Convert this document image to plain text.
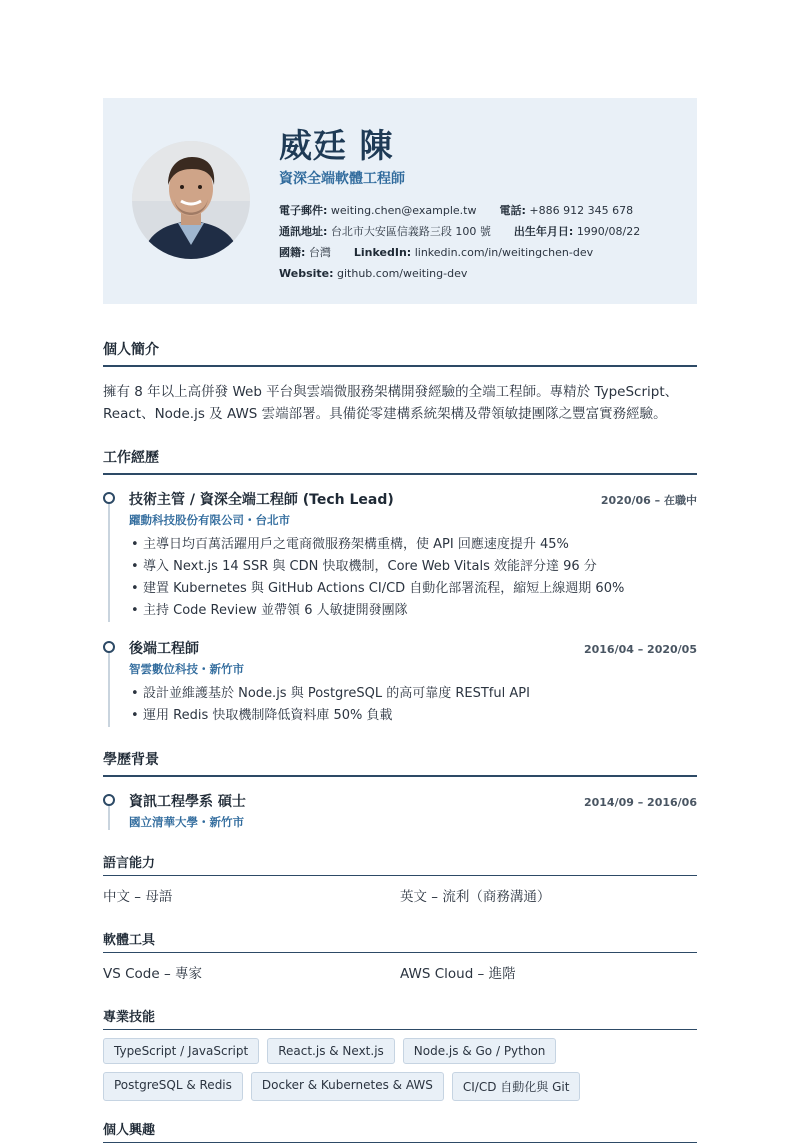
威廷 陳
資深全端軟體工程師
電子郵件: weiting.chen@example.tw 電話: +886 912 345 678
通訊地址: 台北市大安區信義路三段 100 號 出生年月日: 1990/08/22
國籍: 台灣 LinkedIn: linkedin.com/in/weitingchen-dev
Website: github.com/weiting-dev
個人簡介
擁有 8 年以上高併發 Web 平台與雲端微服務架構開發經驗的全端工程師。專精於 TypeScript、
React、Node.js 及 AWS 雲端部署。具備從零建構系統架構及帶領敏捷團隊之豐富實務經驗。
工作經歷
技術主管 / 資深全端工程師 (Tech Lead)	2020/06 – 在職中
躍動科技股份有限公司・台北市
• 主導日均百萬活躍用戶之電商微服務架構重構，使 API 回應速度提升 45%
• 導入 Next.js 14 SSR 與 CDN 快取機制，Core Web Vitals 效能評分達 96 分
• 建置 Kubernetes 與 GitHub Actions CI/CD 自動化部署流程，縮短上線週期 60%
• 主持 Code Review 並帶領 6 人敏捷開發團隊
後端工程師	2016/04 – 2020/05
智雲數位科技・新竹市
• 設計並維護基於 Node.js 與 PostgreSQL 的高可靠度 RESTful API
• 運用 Redis 快取機制降低資料庫 50% 負載
學歷背景
資訊工程學系 碩士	2014/09 – 2016/06
國立清華大學・新竹市
語言能力
中文 – 母語	英文 – 流利（商務溝通）
軟體工具
VS Code – 專家	AWS Cloud – 進階
專業技能
TypeScript / JavaScript	React.js & Next.js	Node.js & Go / Python
PostgreSQL & Redis	Docker & Kubernetes & AWS	CI/CD 自動化與 Git
個人興趣
